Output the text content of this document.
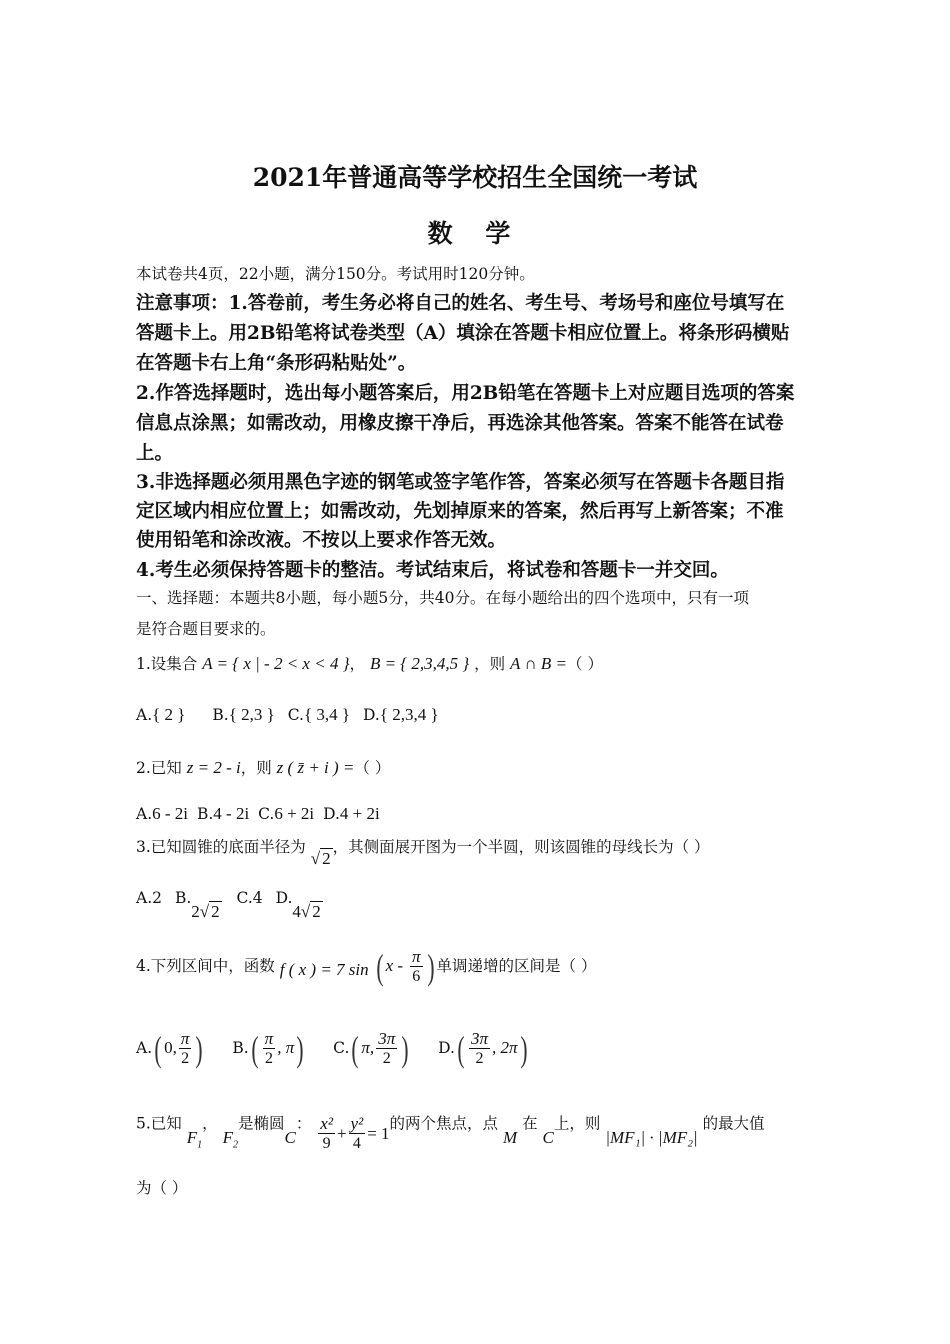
2021年普通高等学校招生全国统一考试
数 学
本试卷共4页，22小题，满分150分。考试用时120分钟。
注意事项：1.答卷前，考生务必将自己的姓名、考生号、考场号和座位号填写在
答题卡上。用2B铅笔将试卷类型（A）填涂在答题卡相应位置上。将条形码横贴
在答题卡右上角“条形码粘贴处”。
2.作答选择题时，选出每小题答案后，用2B铅笔在答题卡上对应题目选项的答案
信息点涂黑；如需改动，用橡皮擦干净后，再选涂其他答案。答案不能答在试卷
上。
3.非选择题必须用黑色字迹的钢笔或签字笔作答，答案必须写在答题卡各题目指
定区域内相应位置上；如需改动，先划掉原来的答案，然后再写上新答案；不准
使用铅笔和涂改液。不按以上要求作答无效。
4.考生必须保持答题卡的整洁。考试结束后，将试卷和答题卡一并交回。
一、选择题：本题共8小题，每小题5分，共40分。在每小题给出的四个选项中，只有一项
是符合题目要求的。
1.设集合 A = { x | - 2 < x < 4 }， B = { 2,3,4,5 } ，则 A ∩ B =（ ）
A.{ 2 } B.{ 2,3 } C.{ 3,4 } D.{ 2,3,4 }
2.已知 z = 2 - i，则 z ( z̄ + i ) =（ ）
A.6 - 2i B.4 - 2i C.6 + 2i D.4 + 2i
3.已知圆锥的底面半径为 √ 2，其侧面展开图为一个半圆，则该圆锥的母线长为（ ）
A.2 B.2√ 2 C.4 D.4√ 2
4.下列区间中，函数 f ( x ) = 7 sin ( x - $\frac{\pi}{6}$ ) 单调递增的区间是（ ）
A.( 0, $\frac{\pi}{2}$ ) $B.( \frac{\pi}{2}$ , π) C.( π, $\frac{3\pi}{2}$ ) $D.( \frac{3\pi}{2}$ , 2π)
5.已知 $F_1$， $F_2$是椭圆C： $\frac{\text{x²}}{9} + \frac{\text{y²}}{4} = 1$的两个焦点，点 M 在 C上，则 |MF₁| · |MF₂| 的最大值
为（ ）
